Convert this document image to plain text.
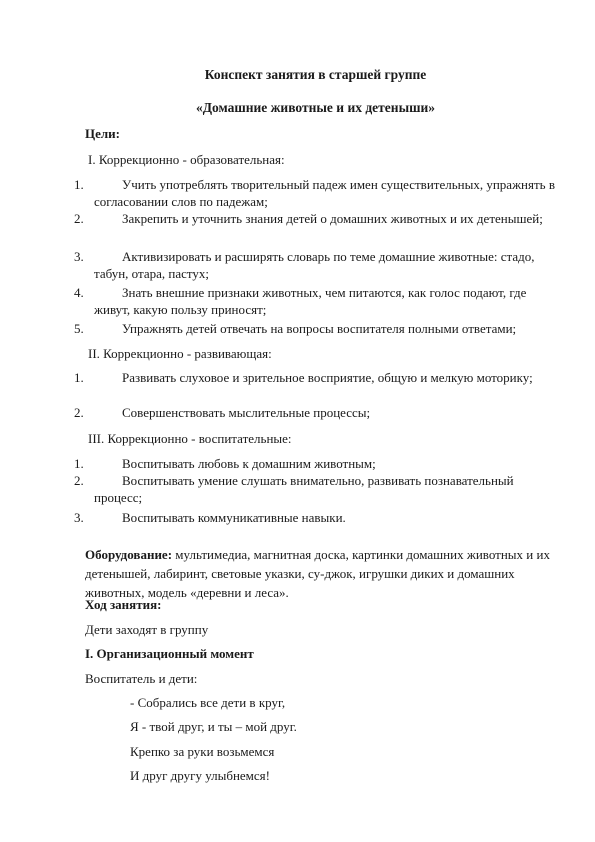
Конспект занятия в старшей группе

«Домашние животные и их детеныши»

Цели:

I. Коррекционно - образовательная:

1.	Учить употреблять творительный падеж имен существительных, упражнять в согласовании слов по падежам;
2.	Закрепить и уточнить знания детей о домашних животных и их детенышей;
3.	Активизировать и расширять словарь по теме домашние животные: стадо, табун, отара, пастух;
4.	Знать внешние признаки животных, чем питаются, как голос подают, где живут, какую пользу приносят;
5.	Упражнять детей отвечать на вопросы воспитателя полными ответами;

II. Коррекционно - развивающая:

1.	Развивать слуховое и зрительное восприятие, общую и мелкую моторику;
2.	Совершенствовать мыслительные процессы;

III. Коррекционно - воспитательные:

1.	Воспитывать любовь к домашним животным;
2.	Воспитывать умение слушать внимательно, развивать познавательный процесс;
3.	Воспитывать коммуникативные навыки.

Оборудование: мультимедиа, магнитная доска, картинки домашних животных и их детенышей, лабиринт, световые указки, су-джок, игрушки диких и домашних животных, модель «деревни и леса».

Ход занятия:

Дети заходят в группу

I. Организационный момент

Воспитатель и дети:

- Собрались все дети в круг,

Я - твой друг, и ты – мой друг.

Крепко за руки возьмемся

И друг другу улыбнемся!
